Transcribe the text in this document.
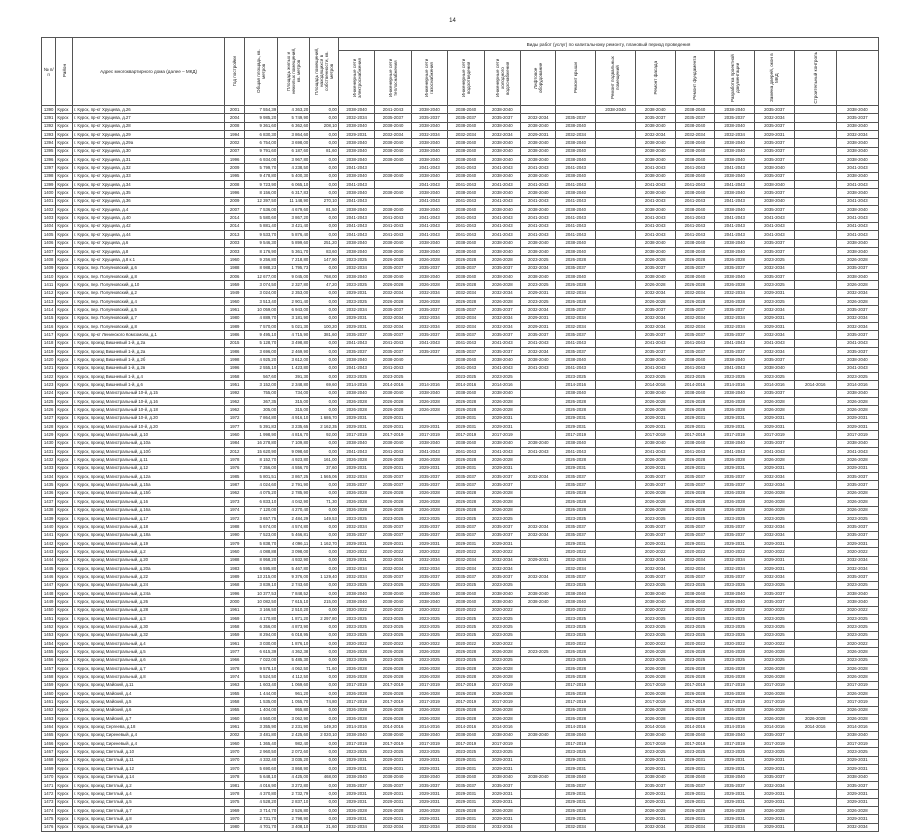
14
№ п/п	Район	Адрес многоквартирного дома (далее – МКД)	Год постройки	Общая площадь, кв. метров	Площадь жилых и нежилых помещений, кв. метров	Площадь помещений, находящихся в собственности, кв. метров	Виды работ (услуг) по капитальному ремонту, плановый период проведения													
							Инженерные сети электроснабжения	Инженерные сети теплоснабжения	Инженерные сети газоснабжения	Инженерные сети водоотведения	Инженерные сети холодного водоснабжения	Лифтовое оборудование	Ремонт крыши	Ремонт подвальных помещений	Ремонт фасада	Ремонт фундамента	Разработка проектной документации	Замена дверей, окон в МКД	Строительный контроль	
1390	Курск	г. Курск, пр-кт Хрущева, д.26	2001	7 554,39	4 363,20	0,00	2038-2040	2041-2043	2038-2040	2038-2040	2038-2040			2038-2040	2038-2040	2038-2040	2038-2040	2035-2037		2038-2040
1391	Курск	г. Курск, пр-кт Хрущева, д.27	2004	9 985,20	5 749,90	0,00	2032-2034	2035-2037	2035-2037	2035-2037	2035-2037	2032-2034	2035-2037		2035-2037	2035-2037	2035-2037	2032-2034		2035-2037
1392	Курск	г. Курск, пр-кт Хрущева, д.28	2008	9 361,60	6 362,60	208,10	2038-2040	2038-2040	2038-2040	2038-2040	2038-2040	2038-2040	2038-2040		2038-2040	2038-2040	2038-2040	2035-2037		2038-2040
1393	Курск	г. Курск, пр-кт Хрущева, д.29	1994	6 830,30	3 864,60	0,00	2029-2031	2032-2034	2032-2034	2032-2034	2032-2034	2029-2031	2032-2034		2032-2034	2032-2034	2032-2034	2029-2031		2032-2034
1394	Курск	г. Курск, пр-кт Хрущева, д.29а	2002	6 754,00	3 698,00	0,00	2038-2040	2038-2040	2038-2040	2038-2040	2038-2040	2038-2040	2038-2040		2038-2040	2038-2040	2038-2040	2035-2037		2038-2040
1395	Курск	г. Курск, пр-кт Хрущева, д.30	2007	9 791,60	6 187,60	81,60	2038-2040	2038-2040	2038-2040	2038-2040	2038-2040	2038-2040	2038-2040		2038-2040	2038-2040	2038-2040	2035-2037		2038-2040
1396	Курск	г. Курск, пр-кт Хрущева, д.31	1996	6 934,00	3 967,80	0,00	2038-2040	2038-2040	2038-2040	2038-2040	2038-2040	2038-2040	2038-2040		2038-2040	2038-2040	2038-2040	2035-2037		2038-2040
1397	Курск	г. Курск, пр-кт Хрущева, д.32	2009	5 799,70	4 238,50	0,00	2041-2043		2041-2043	2041-2043	2041-2043	2041-2043	2041-2043		2041-2043	2041-2043	2041-2043	2038-2040		2041-2043
1398	Курск	г. Курск, пр-кт Хрущева, д.33	1995	9 478,80	5 400,30	0,00	2038-2040	2038-2040	2038-2040	2038-2040	2038-2040	2038-2040	2038-2040		2038-2040	2038-2040	2038-2040	2035-2037		2038-2040
1399	Курск	г. Курск, пр-кт Хрущева, д.34	2008	9 723,90	6 065,10	0,00	2041-2043		2041-2043	2041-2043	2041-2043	2041-2043	2041-2043		2041-2043	2041-2043	2041-2043	2038-2040		2041-2043
1400	Курск	г. Курск, пр-кт Хрущева, д.35	1996	8 156,00	6 317,83	0,00	2038-2040	2038-2040	2038-2040	2038-2040	2038-2040	2038-2040	2038-2040		2038-2040	2038-2040	2038-2040	2035-2037		2038-2040
1401	Курск	г. Курск, пр-кт Хрущева, д.36	2009	12 397,50	11 148,90	270,10	2041-2043		2041-2043	2041-2043	2041-2043	2041-2043	2041-2043		2041-2043	2041-2043	2041-2043	2038-2040		2041-2043
1402	Курск	г. Курск, пр-кт Хрущева, д.4	2007	7 536,00	4 679,60	81,50	2038-2040	2038-2040	2038-2040	2038-2040	2038-2040	2038-2040	2038-2040		2038-2040	2038-2040	2038-2040	2035-2037		2038-2040
1403	Курск	г. Курск, пр-кт Хрущева, д.40	2014	5 580,60	3 867,20	0,00	2041-2043	2041-2043	2041-2043	2041-2043	2041-2043	2041-2043	2041-2043		2041-2043	2041-2043	2041-2043	2041-2043		2041-2043
1404	Курск	г. Курск, пр-кт Хрущева, д.42	2014	5 881,40	3 421,40	0,00	2041-2043	2041-2043	2041-2043	2041-2043	2041-2043	2041-2043	2041-2043		2041-2043	2041-2043	2041-2043	2041-2043		2041-2043
1405	Курск	г. Курск, пр-кт Хрущева, д.44	2013	9 533,70	5 876,40	0,00	2041-2043	2041-2043	2041-2043	2041-2043	2041-2043	2041-2043	2041-2043		2041-2043	2041-2043	2041-2043	2041-2043		2041-2043
1406	Курск	г. Курск, пр-кт Хрущева, д.6	2003	9 546,30	5 899,60	251,20	2038-2040	2038-2040	2038-2040	2038-2040	2038-2040	2038-2040	2038-2040		2038-2040	2038-2040	2038-2040	2035-2037		2038-2040
1407	Курск	г. Курск, пр-кт Хрущева, д.8	2003	8 176,90	5 361,70	83,60	2038-2040	2038-2040	2038-2040	2038-2040	2038-2040	2038-2040	2038-2040		2038-2040	2038-2040	2038-2040	2035-2037		2038-2040
1408	Курск	г. Курск, пр-кт Хрущева, д.8 к.1	1960	9 256,80	7 218,80	147,90	2023-2025	2026-2028	2026-2028	2026-2028	2026-2028	2023-2025	2026-2028		2026-2028	2026-2028	2026-2028	2023-2025		2026-2028
1409	Курск	г. Курск, пер. Полуяновский, д.6	1988	8 988,23	1 795,73	0,00	2032-2034	2035-2037	2035-2037	2035-2037	2035-2037	2032-2034	2035-2037		2035-2037	2035-2037	2035-2037	2032-2034		2035-2037
1410	Курск	г. Курск, пер. Полуяновский, д.8	2006	12 677,00	9 045,00	768,00	2038-2040	2038-2040	2038-2040	2038-2040	2038-2040	2038-2040	2038-2040		2038-2040	2038-2040	2038-2040	2035-2037		2038-2040
1411	Курск	г. Курск, пер. Полуяновский, д.10	1959	3 074,50	2 327,80	47,20	2023-2025	2026-2028	2026-2028	2026-2028	2026-2028	2023-2025	2026-2028		2026-2028	2026-2028	2026-2028	2023-2025		2026-2028
1412	Курск	г. Курск, пер. Полуяновский, д.2	1949	3 024,00	2 353,00	0,00	2029-2031	2032-2034	2032-2034	2032-2034	2032-2034	2029-2031	2032-2034		2032-2034	2032-2034	2032-2034	2029-2031		2032-2034
1413	Курск	г. Курск, пер. Полуяновский, д.4	1960	3 513,40	2 901,40	0,00	2023-2025	2026-2028	2026-2028	2026-2028	2026-2028	2023-2025	2026-2028		2026-2028	2026-2028	2026-2028	2023-2025		2026-2028
1414	Курск	г. Курск, пер. Полуяновский, д.5	1961	10 059,00	6 943,00	0,00	2032-2034	2035-2037	2035-2037	2035-2037	2035-2037	2032-2034	2035-2037		2035-2037	2035-2037	2035-2037	2032-2034		2035-2037
1415	Курск	г. Курск, пер. Полуяновский, д.7	1980	4 889,70	3 181,90	0,00	2029-2031	2032-2034	2032-2034	2032-2034	2032-2034	2029-2031	2032-2034		2032-2034	2032-2034	2032-2034	2029-2031		2032-2034
1416	Курск	г. Курск, пер. Полуяновский, д.8	1989	7 570,00	5 021,30	100,20	2029-2031	2032-2034	2032-2034	2032-2034	2032-2034	2029-2031	2032-2034		2032-2034	2032-2034	2032-2034	2029-2031		2032-2034
1417	Курск	г. Курск, пр-кт Ленинского Комсомола, д.1	1986	9 495,10	4 715,90	381,60	2035-2037	2035-2037	2035-2037	2035-2037	2035-2037	2035-2037	2035-2037		2035-2037	2035-2037	2035-2037	2032-2034		2035-2037
1418	Курск	г. Курск, проезд Вишневый 1-й, д.2а	2015	5 128,70	3 498,80	0,00	2041-2043	2041-2043	2041-2043	2041-2043	2041-2043	2041-2043	2041-2043		2041-2043	2041-2043	2041-2043	2041-2043		2041-2043
1419	Курск	г. Курск, проезд Вишневый 1-й, д.2а	1986	3 696,00	2 469,90	0,00	2035-2037	2035-2037	2035-2037	2035-2037	2035-2037	2032-2034	2035-2037		2035-2037	2035-2037	2035-2037	2032-2034		2035-2037
1420	Курск	г. Курск, проезд Вишневый 1-й, д.2б	1998	4 925,20	3 612,00	0,00	2038-2040	2038-2040		2038-2040	2038-2040	2038-2040	2038-2040		2038-2040	2038-2040	2038-2040	2035-2037		2038-2040
1421	Курск	г. Курск, проезд Вишневый 1-й, д.2в	1996	2 555,10	1 423,80	0,00	2041-2043	2041-2043		2041-2043	2041-2043	2041-2043	2041-2043		2041-2043	2041-2043	2041-2043	2038-2040		2041-2043
1422	Курск	г. Курск, проезд Вишневый 1-й, д.4	1958	567,60	391,30	0,00	2023-2025	2023-2025		2023-2025	2023-2025		2023-2025		2023-2025	2023-2025	2023-2025	2023-2025		2023-2025
1423	Курск	г. Курск, проезд Вишневый 1-й, д.6	1951	3 152,00	2 348,80	69,60	2014-2016	2014-2016	2014-2016	2014-2016	2014-2016		2014-2016		2014-2016	2014-2016	2014-2016	2014-2016	2014-2016	2014-2016
1424	Курск	г. Курск, проезд Магистральный 10-й, д.15	1992	755,00	734,00	0,00	2038-2040	2038-2040	2038-2040	2038-2040	2038-2040		2038-2040		2038-2040	2038-2040	2038-2040	2035-2037		2038-2040
1425	Курск	г. Курск, проезд Магистральный 10-й, д.16	1962	367,35	315,00	0,00	2026-2028	2026-2028	2026-2028	2026-2028	2026-2028		2026-2028		2026-2028	2026-2028	2026-2028	2026-2028		2026-2028
1426	Курск	г. Курск, проезд Магистральный 10-й, д.18	1962	305,00	315,00	0,00	2026-2028	2026-2028	2026-2028	2026-2028	2026-2028		2026-2028		2026-2028	2026-2028	2026-2028	2026-2028		2026-2028
1427	Курск	г. Курск, проезд Магистральный 10-й, д.20	1972	7 864,80	4 916,10	1 686,70	2029-2031	2029-2031		2029-2031	2029-2031		2029-2031		2029-2031	2029-2031	2029-2031	2029-2031		2029-2031
1428	Курск	г. Курск, проезд Магистральный 10-й, д.20	1977	5 391,83	3 235,65	2 162,35	2029-2031	2029-2031	2029-2031	2029-2031	2029-2031		2029-2031		2029-2031	2029-2031	2029-2031	2029-2031		2029-2031
1429	Курск	г. Курск, проезд Магистральный, д.10	1960	1 998,90	4 816,70	92,00	2017-2019	2017-2019	2017-2019	2017-2019	2017-2019		2017-2019		2017-2019	2017-2019	2017-2019	2017-2019		2017-2019
1430	Курск	г. Курск, проезд Магистральный, д.10а	1984	16 278,80	7 109,80	0,00	2038-2040	2038-2040	2038-2040	2038-2040	2038-2040	2038-2040	2038-2040		2038-2040	2038-2040	2038-2040	2035-2037		2038-2040
1431	Курск	г. Курск, проезд Магистральный, д.10б	2012	15 620,90	9 098,60	0,00	2041-2043	2041-2043	2041-2043	2041-2043	2041-2043	2041-2043	2041-2043		2041-2043	2041-2043	2041-2043	2041-2043		2041-2043
1432	Курск	г. Курск, проезд Магистральный, д.11	1978	8 152,70	4 923,80	161,00	2026-2028	2026-2028	2026-2028	2026-2028	2026-2028		2026-2028		2026-2028	2026-2028	2026-2028	2026-2028		2026-2028
1433	Курск	г. Курск, проезд Магистральный, д.12	1976	7 356,00	4 556,70	37,60	2029-2031	2029-2031	2029-2031	2029-2031	2029-2031		2029-2031		2029-2031	2029-2031	2029-2031	2029-2031		2029-2031
1434	Курск	г. Курск, проезд Магистральный, д.12а	1985	5 801,51	3 867,25	1 565,06	2032-2034	2035-2037	2035-2037	2035-2037	2035-2037	2032-2034	2035-2037		2035-2037	2035-2037	2035-2037	2032-2034		2035-2037
1435	Курск	г. Курск, проезд Магистральный, д.15а	1987	4 024,60	2 791,90	0,00	2035-2037	2035-2037	2035-2037	2035-2037	2035-2037		2035-2037		2035-2037	2035-2037	2035-2037	2032-2034		2035-2037
1436	Курск	г. Курск, проезд Магистральный, д.15б	1962	4 075,20	2 785,90	0,00	2026-2028	2026-2028	2026-2028	2026-2028	2026-2028		2026-2028		2026-2028	2026-2028	2026-2028	2026-2028		2026-2028
1437	Курск	г. Курск, проезд Магистральный, д.16	1973	6 833,10	4 042,90	71,30	2026-2028	2026-2028	2026-2028	2026-2028	2026-2028		2026-2028		2026-2028	2026-2028	2026-2028	2026-2028		2026-2028
1438	Курск	г. Курск, проезд Магистральный, д.16а	1974	7 120,00	4 270,40	0,00	2026-2028	2026-2028	2026-2028	2026-2028	2026-2028		2026-2028		2026-2028	2026-2028	2026-2028	2026-2028		2026-2028
1439	Курск	г. Курск, проезд Магистральный, д.17	1972	3 657,75	2 484,29	149,53	2023-2025	2023-2025	2023-2025	2023-2025	2023-2025		2023-2025		2023-2025	2023-2025	2023-2025	2023-2025		2023-2025
1440	Курск	г. Курск, проезд Магистральный, д.18	1988	5 674,00	4 574,80	0,00	2032-2034	2035-2037	2035-2037	2035-2037	2035-2037	2032-2034	2035-2037		2035-2037	2035-2037	2035-2037	2032-2034		2035-2037
1441	Курск	г. Курск, проезд Магистральный, д.18а	1990	7 523,00	5 466,81	0,00	2035-2037	2035-2037	2035-2037	2035-2037	2035-2037	2032-2034	2035-2037		2035-2037	2035-2037	2035-2037	2032-2034		2035-2037
1442	Курск	г. Курск, проезд Магистральный, д.19	1979	5 838,70	4 096,11	1 162,70	2029-2031	2029-2031	2029-2031	2029-2031	2029-2031		2029-2031		2029-2031	2029-2031	2029-2031	2029-2031		2029-2031
1443	Курск	г. Курск, проезд Магистральный, д.2	1960	4 088,88	3 098,00	0,00	2020-2022	2020-2022	2020-2022	2020-2022	2020-2022		2020-2022		2020-2022	2020-2022	2020-2022	2020-2022		2020-2022
1444	Курск	г. Курск, проезд Магистральный, д.20	1988	8 958,20	4 932,90	0,00	2029-2031	2032-2034	2032-2034	2032-2034	2032-2034	2029-2031	2032-2034		2032-2034	2032-2034	2032-2034	2029-2031		2032-2034
1445	Курск	г. Курск, проезд Магистральный, д.20а	1983	6 595,80	5 467,80	0,00	2032-2034	2032-2034	2032-2034	2032-2034	2032-2034		2032-2034		2032-2034	2032-2034	2032-2034	2029-2031		2032-2034
1446	Курск	г. Курск, проезд Магистральный, д.22	1989	13 215,00	9 376,00	1 129,40	2032-2034	2035-2037	2035-2037	2035-2037	2035-2037	2032-2034	2035-2037		2035-2037	2035-2037	2035-2037	2032-2034		2035-2037
1447	Курск	г. Курск, проезд Магистральный, д.24	1968	3 839,10	2 743,60	0,00	2023-2025	2023-2025	2023-2025	2023-2025	2023-2025		2023-2025		2023-2025	2023-2025	2023-2025	2023-2025		2023-2025
1448	Курск	г. Курск, проезд Магистральный, д.24а	1996	10 377,53	7 848,52	0,00	2038-2040	2038-2040	2038-2040	2038-2040	2038-2040	2038-2040	2038-2040		2038-2040	2038-2040	2038-2040	2035-2037		2038-2040
1449	Курск	г. Курск, проезд Магистральный, д.26	2000	10 082,50	7 615,10	215,00	2038-2040	2038-2040	2038-2040	2038-2040	2038-2040	2038-2040	2038-2040		2038-2040	2038-2040	2038-2040	2035-2037		2038-2040
1450	Курск	г. Курск, проезд Магистральный, д.28	1961	3 166,50	2 510,20	0,00	2020-2022	2020-2022	2020-2022	2020-2022	2020-2022		2020-2022		2020-2022	2020-2022	2020-2022	2020-2022		2020-2022
1451	Курск	г. Курск, проезд Магистральный, д.3	1969	4 170,80	1 871,20	2 297,80	2023-2025	2023-2025	2023-2025	2023-2025	2023-2025		2023-2025		2023-2025	2023-2025	2023-2025	2023-2025		2023-2025
1452	Курск	г. Курск, проезд Магистральный, д.30	1958	6 356,00	4 873,90	0,00	2023-2025	2023-2025	2023-2025	2023-2025	2023-2025		2023-2025		2023-2025	2023-2025	2023-2025	2023-2025		2023-2025
1453	Курск	г. Курск, проезд Магистральный, д.32	1959	8 294,00	6 018,95	0,00	2023-2025	2023-2025	2023-2025	2023-2025	2023-2025		2023-2025		2023-2025	2023-2025	2023-2025	2023-2025		2023-2025
1454	Курск	г. Курск, проезд Магистральный, д.4	1961	3 030,00	1 876,10	0,00	2020-2022	2020-2022	2020-2022	2020-2022	2020-2022		2020-2022		2020-2022	2020-2022	2020-2022	2020-2022		2020-2022
1455	Курск	г. Курск, проезд Магистральный, д.5	1977	6 615,39	4 362,38	0,00	2026-2028	2026-2028	2026-2028	2026-2028	2026-2028	2023-2025	2026-2028		2026-2028	2026-2028	2026-2028	2026-2028		2026-2028
1456	Курск	г. Курск, проезд Магистральный, д.6	1966	7 022,00	5 485,30	0,00	2023-2025	2023-2025	2023-2025	2023-2025	2023-2025		2023-2025		2023-2025	2023-2025	2023-2025	2023-2025		2023-2025
1457	Курск	г. Курск, проезд Магистральный, д.7	1978	9 578,10	4 062,50	71,60	2026-2028	2026-2028	2026-2028	2026-2028	2026-2028		2026-2028		2026-2028	2026-2028	2026-2028	2026-2028		2026-2028
1458	Курск	г. Курск, проезд Магистральный, д.8	1974	5 524,50	4 112,50	0,00	2026-2028	2026-2028	2026-2028	2026-2028	2026-2028		2026-2028		2026-2028	2026-2028	2026-2028	2026-2028		2026-2028
1459	Курск	г. Курск, проезд Майский, д.11	1963	1 603,40	1 069,60	0,00	2017-2019	2017-2019	2017-2019	2017-2019	2017-2019		2017-2019		2017-2019	2017-2019	2017-2019	2017-2019		2017-2019
1460	Курск	г. Курск, проезд Майский, д.4	1955	1 444,00	961,20	0,00	2026-2028	2026-2028	2026-2028	2026-2028	2026-2028		2026-2028		2026-2028	2026-2028	2026-2028	2026-2028		2026-2028
1461	Курск	г. Курск, проезд Майский, д.5	1958	1 535,00	1 055,70	74,80	2017-2019	2017-2019	2017-2019	2017-2019	2017-2019		2017-2019		2017-2019	2017-2019	2017-2019	2017-2019		2017-2019
1462	Курск	г. Курск, проезд Майский, д.6	1955	1 404,00	955,80	0,00	2026-2028	2026-2028	2026-2028	2026-2028	2026-2028		2026-2028		2026-2028	2026-2028	2026-2028	2026-2028		2026-2028
1463	Курск	г. Курск, проезд Майский, д.7	1960	4 560,00	3 062,90	0,00	2026-2028	2026-2028	2026-2028	2026-2028	2026-2028		2026-2028		2026-2028	2026-2028	2026-2028	2026-2028	2026-2028	2026-2028
1464	Курск	г. Курск, проезд Сергеева, д.18	1961	3 355,90	2 231,90	149,20	2014-2016	2014-2016	2014-2016	2014-2016	2014-2016		2014-2016		2014-2016	2014-2016	2014-2016	2014-2016	2014-2016	2014-2016
1465	Курск	г. Курск, проезд Сиреневый, д.4	2002	3 481,80	2 425,60	2 020,10	2038-2040	2038-2040	2038-2040	2038-2040	2038-2040	2038-2040	2038-2040		2038-2040	2038-2040	2038-2040	2035-2037		2038-2040
1466	Курск	г. Курск, проезд Сиреневый, д.4	1960	1 365,40	982,40	0,00	2017-2019	2017-2019	2017-2019	2017-2019	2017-2019		2017-2019		2017-2019	2017-2019	2017-2019	2017-2019		2017-2019
1467	Курск	г. Курск, проезд Светлый, д.10	1970	2 960,50	2 072,60	0,00	2023-2025	2023-2025	2023-2025	2023-2025	2023-2025		2023-2025		2023-2025	2023-2025	2023-2025	2023-2025		2023-2025
1468	Курск	г. Курск, проезд Светлый, д.11	1970	4 332,40	3 035,20	0,00	2029-2031	2029-2031	2029-2031	2029-2031	2029-2031		2029-2031		2029-2031	2029-2031	2029-2031	2029-2031		2029-2031
1469	Курск	г. Курск, проезд Светлый, д.12	1970	5 690,60	3 868,90	0,00	2029-2031	2029-2031	2029-2031	2029-2031	2029-2031		2029-2031		2029-2031	2029-2031	2029-2031	2029-2031		2029-2031
1470	Курск	г. Курск, проезд Светлый, д.14	1978	5 648,10	4 425,00	468,00	2038-2040	2038-2040	2038-2040	2038-2040	2038-2040	2038-2040	2038-2040		2038-2040	2038-2040	2038-2040	2035-2037		2038-2040
1471	Курск	г. Курск, проезд Светлый, д.2	1981	4 016,90	3 272,80	0,00	2035-2037	2035-2037	2035-2037	2035-2037	2035-2037		2035-2037		2035-2037	2035-2037	2035-2037	2032-2034		2035-2037
1472	Курск	г. Курск, проезд Светлый, д.4	1978	4 370,80	2 732,79	0,00	2029-2031	2029-2031	2029-2031	2029-2031	2029-2031		2029-2031		2029-2031	2029-2031	2029-2031	2029-2031		2029-2031
1473	Курск	г. Курск, проезд Светлый, д.5	1975	4 528,20	2 837,10	0,00	2029-2031	2029-2031	2029-2031	2029-2031	2029-2031		2029-2031		2029-2031	2029-2031	2029-2031	2029-2031		2029-2031
1474	Курск	г. Курск, проезд Светлый, д.7	1969	3 714,70	2 526,80	0,00	2026-2028	2026-2028	2026-2028	2026-2028	2026-2028		2026-2028		2026-2028	2026-2028	2026-2028	2026-2028		2026-2028
1475	Курск	г. Курск, проезд Светлый, д.8	1970	2 731,70	2 798,90	0,00	2029-2031	2029-2031	2029-2031	2029-2031	2029-2031		2029-2031		2029-2031	2029-2031	2029-2031	2029-2031		2029-2031
1476	Курск	г. Курск, проезд Светлый, д.9	1980	4 701,70	3 408,10	21,60	2032-2034	2032-2034	2032-2034	2032-2034	2032-2034		2032-2034		2032-2034	2032-2034	2032-2034	2029-2031		2032-2034
